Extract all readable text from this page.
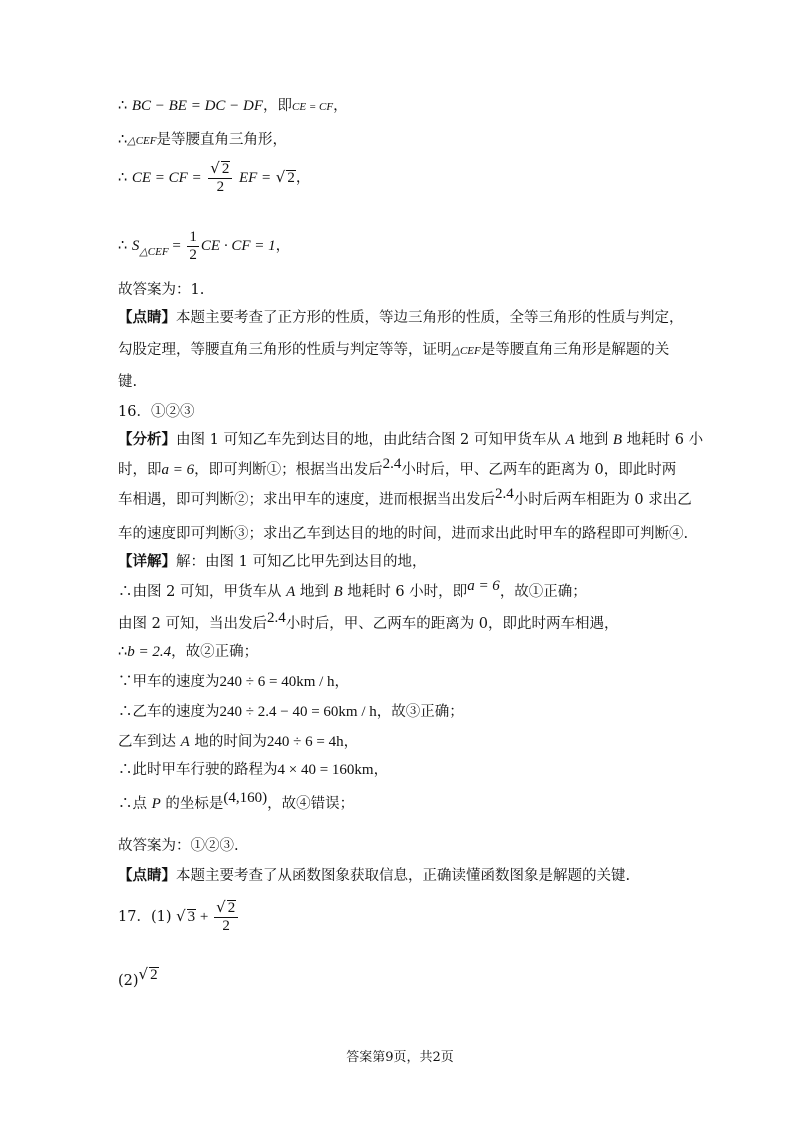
∴ BC − BE = DC − DF，即CE = CF，
∴△CEF是等腰直角三角形，
∴ CE = CF = $\frac{√ 2}{2}$ EF = √ 2，
∴ $S_{\triangle CEF} = \frac{1}{2}$ CE · CF = 1，
故答案为：1.
【点睛】本题主要考查了正方形的性质，等边三角形的性质，全等三角形的性质与判定，
勾股定理，等腰直角三角形的性质与判定等等，证明△CEF是等腰直角三角形是解题的关
键.
16．①②③
【分析】由图 1 可知乙车先到达目的地，由此结合图 2 可知甲货车从 A 地到 B 地耗时 6 小
时，即a = 6，即可判断①；根据当出发后2.4小时后，甲、乙两车的距离为 0，即此时两
车相遇，即可判断②；求出甲车的速度，进而根据当出发后2.4小时后两车相距为 0 求出乙
车的速度即可判断③；求出乙车到达目的地的时间，进而求出此时甲车的路程即可判断④.
【详解】解：由图 1 可知乙比甲先到达目的地，
∴由图 2 可知，甲货车从 A 地到 B 地耗时 6 小时，即a = 6，故①正确；
由图 2 可知，当出发后2.4小时后，甲、乙两车的距离为 0，即此时两车相遇，
∴b = 2.4，故②正确；
∵甲车的速度为240 ÷ 6 = 40km / h，
∴乙车的速度为240 ÷ 2.4 − 40 = 60km / h，故③正确；
乙车到达 A 地的时间为240 ÷ 6 = 4h，
∴此时甲车行驶的路程为4 × 40 = 160km，
∴点 P 的坐标是(4,160)，故④错误；
故答案为：①②③.
【点睛】本题主要考查了从函数图象获取信息，正确读懂函数图象是解题的关键.
17．(1) √ $3 + \frac{√ 2}{2}$
(2)√ 2
答案第9页，共2页
